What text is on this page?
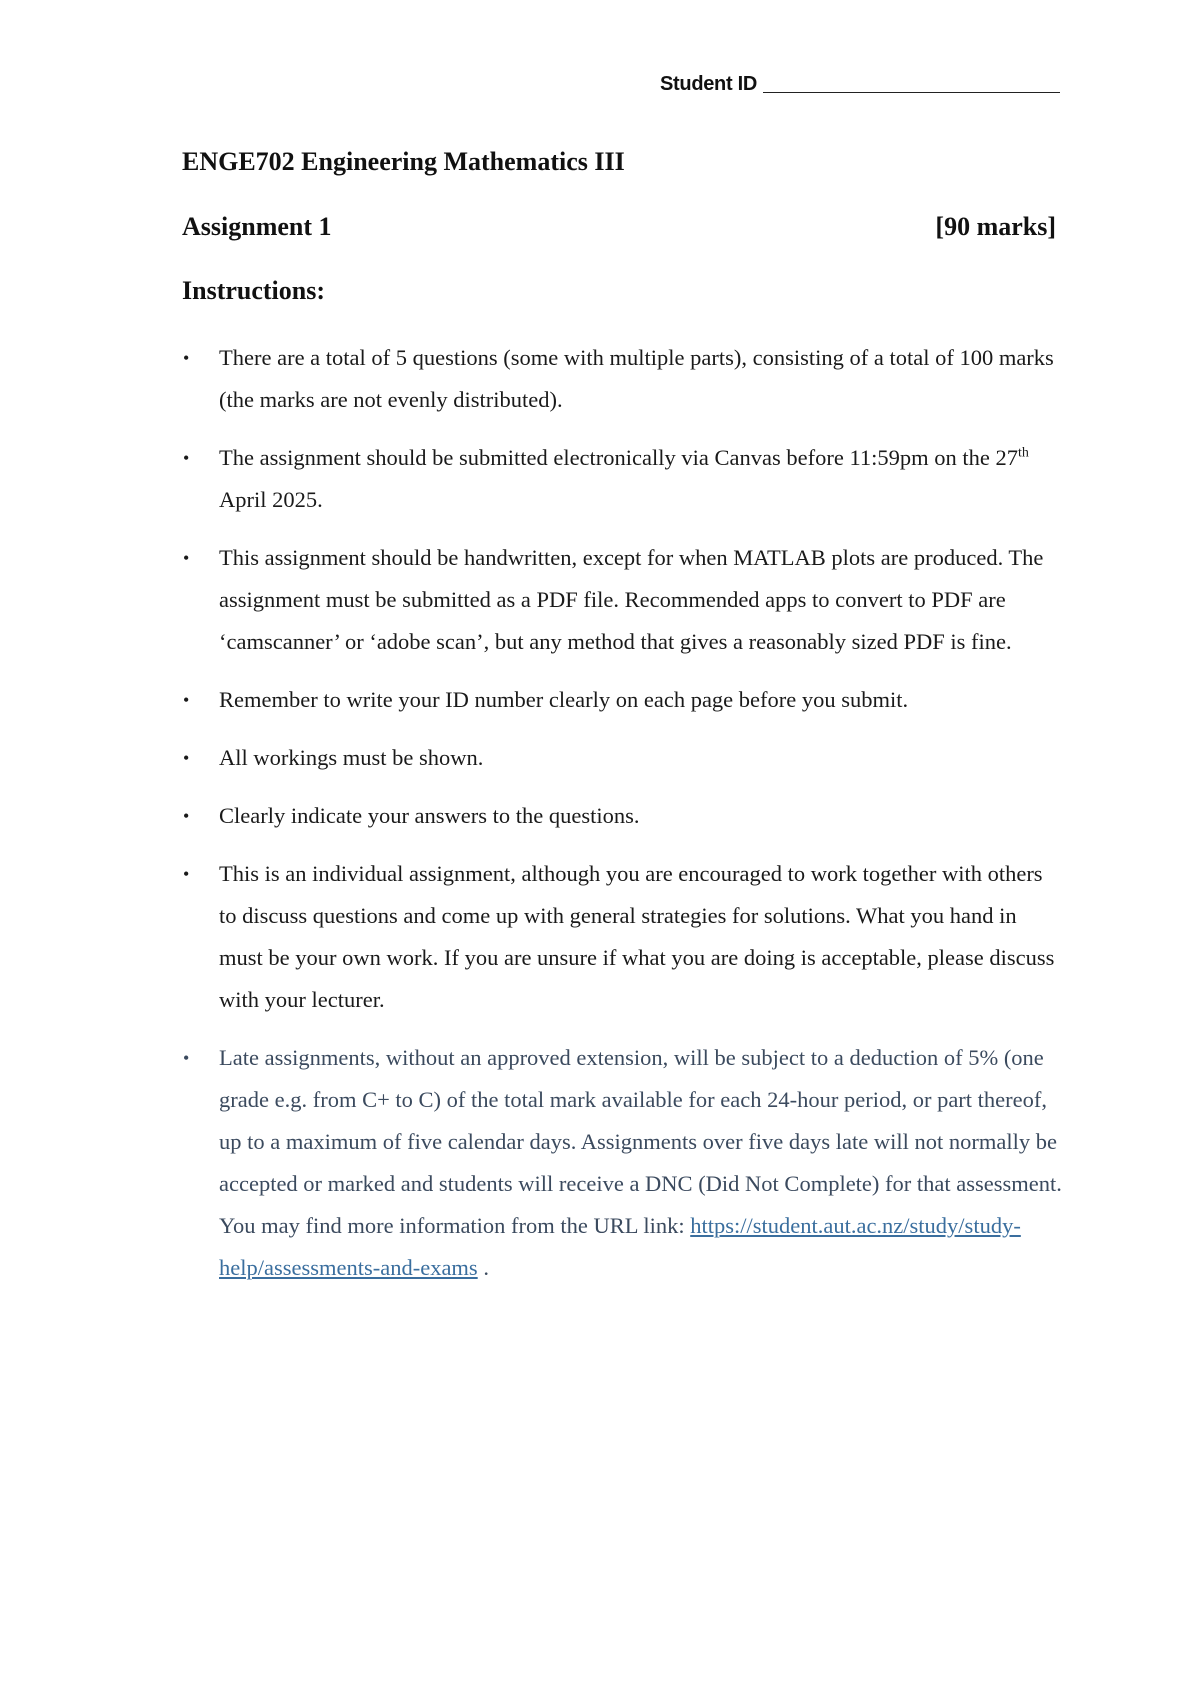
Student ID
ENGE702 Engineering Mathematics III
Assignment 1	[90 marks]
Instructions:
• There are a total of 5 questions (some with multiple parts), consisting of a total of 100 marks (the marks are not evenly distributed).
• The assignment should be submitted electronically via Canvas before 11:59pm on the 27th April 2025.
• This assignment should be handwritten, except for when MATLAB plots are produced. The assignment must be submitted as a PDF file. Recommended apps to convert to PDF are ‘camscanner’ or ‘adobe scan’, but any method that gives a reasonably sized PDF is fine.
• Remember to write your ID number clearly on each page before you submit.
• All workings must be shown.
• Clearly indicate your answers to the questions.
• This is an individual assignment, although you are encouraged to work together with others to discuss questions and come up with general strategies for solutions. What you hand in must be your own work. If you are unsure if what you are doing is acceptable, please discuss with your lecturer.
• Late assignments, without an approved extension, will be subject to a deduction of 5% (one grade e.g. from C+ to C) of the total mark available for each 24-hour period, or part thereof, up to a maximum of five calendar days. Assignments over five days late will not normally be accepted or marked and students will receive a DNC (Did Not Complete) for that assessment. You may find more information from the URL link: https://student.aut.ac.nz/study/study-help/assessments-and-exams .
